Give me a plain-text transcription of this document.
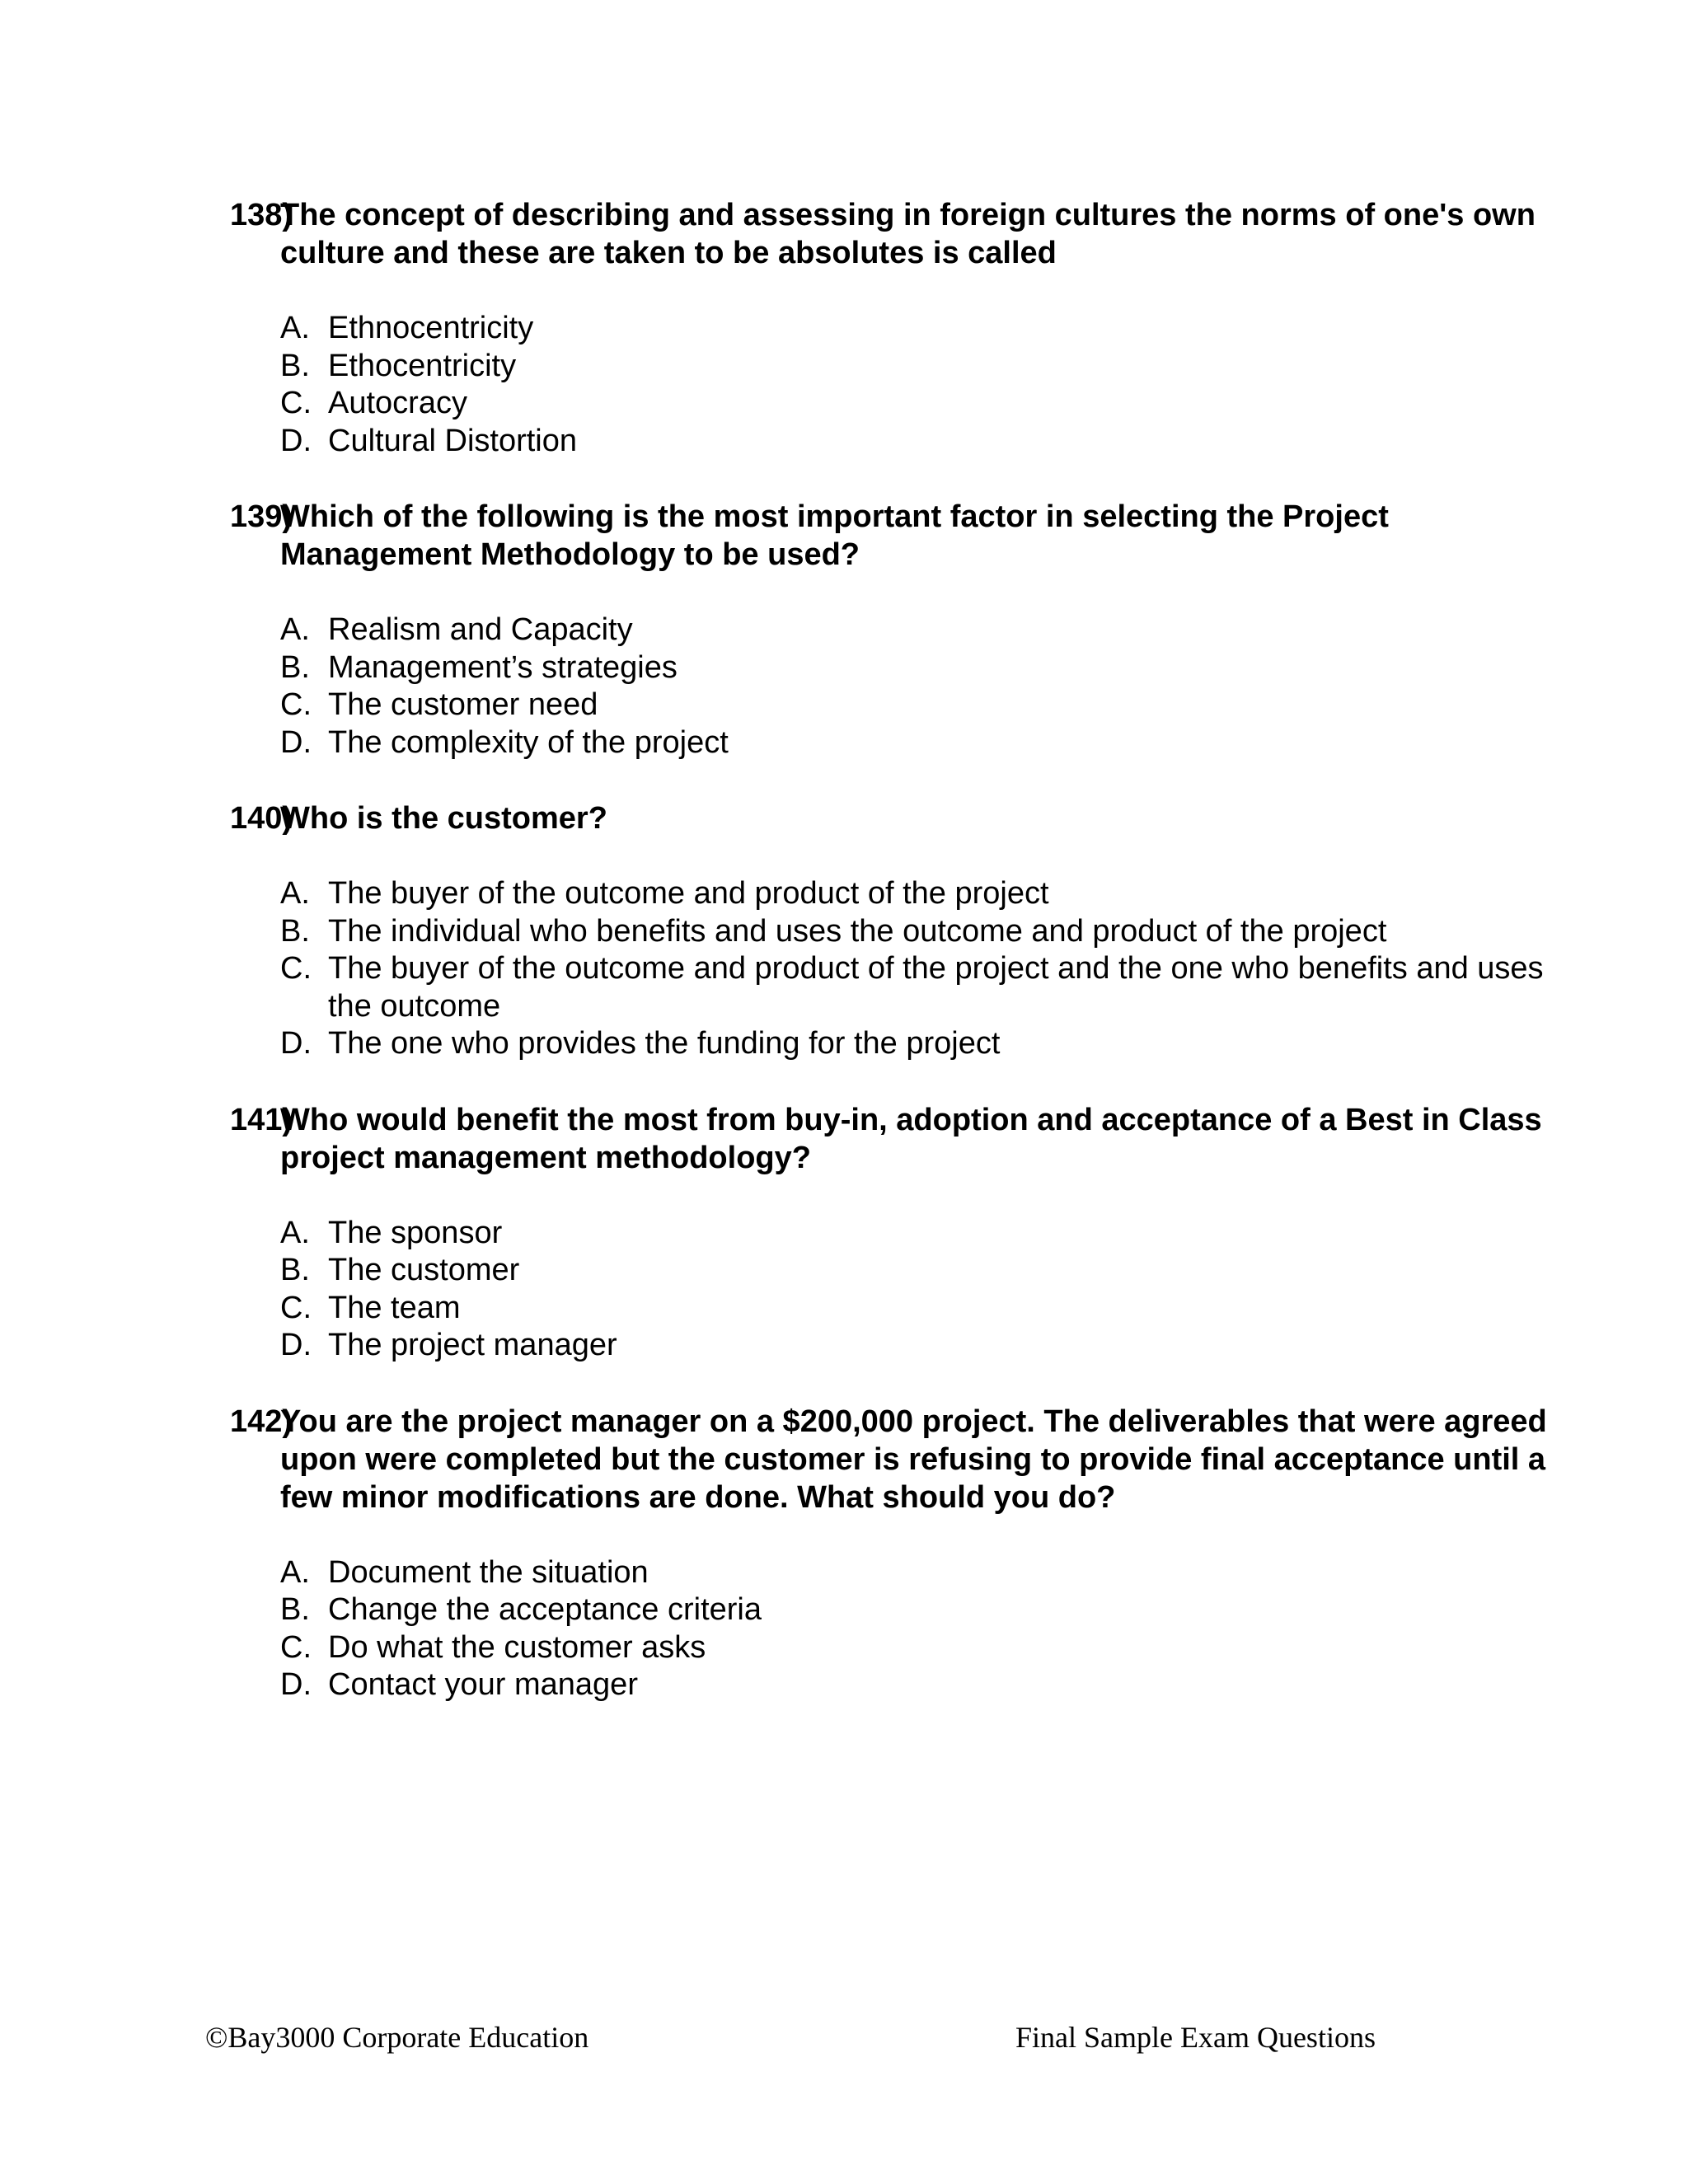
138)
The concept of describing and assessing in foreign cultures the norms of one's own culture and these are taken to be absolutes is called
A. Ethnocentricity
B. Ethocentricity
C. Autocracy
D. Cultural Distortion
139)
Which of the following is the most important factor in selecting the Project Management Methodology to be used?
A. Realism and Capacity
B. Management’s strategies
C. The customer need
D. The complexity of the project
140)
Who is the customer?
A. The buyer of the outcome and product of the project
B. The individual who benefits and uses the outcome and product of the project
C. The buyer of the outcome and product of the project and the one who benefits and uses the outcome
D. The one who provides the funding for the project
141)
Who would benefit the most from buy-in, adoption and acceptance of a Best in Class project management methodology?
A. The sponsor
B. The customer
C. The team
D. The project manager
142)
You are the project manager on a $200,000 project. The deliverables that were agreed upon were completed but the customer is refusing to provide final acceptance until a few minor modifications are done. What should you do?
A. Document the situation
B. Change the acceptance criteria
C. Do what the customer asks
D. Contact your manager
©Bay3000 Corporate Education	Final Sample Exam Questions
